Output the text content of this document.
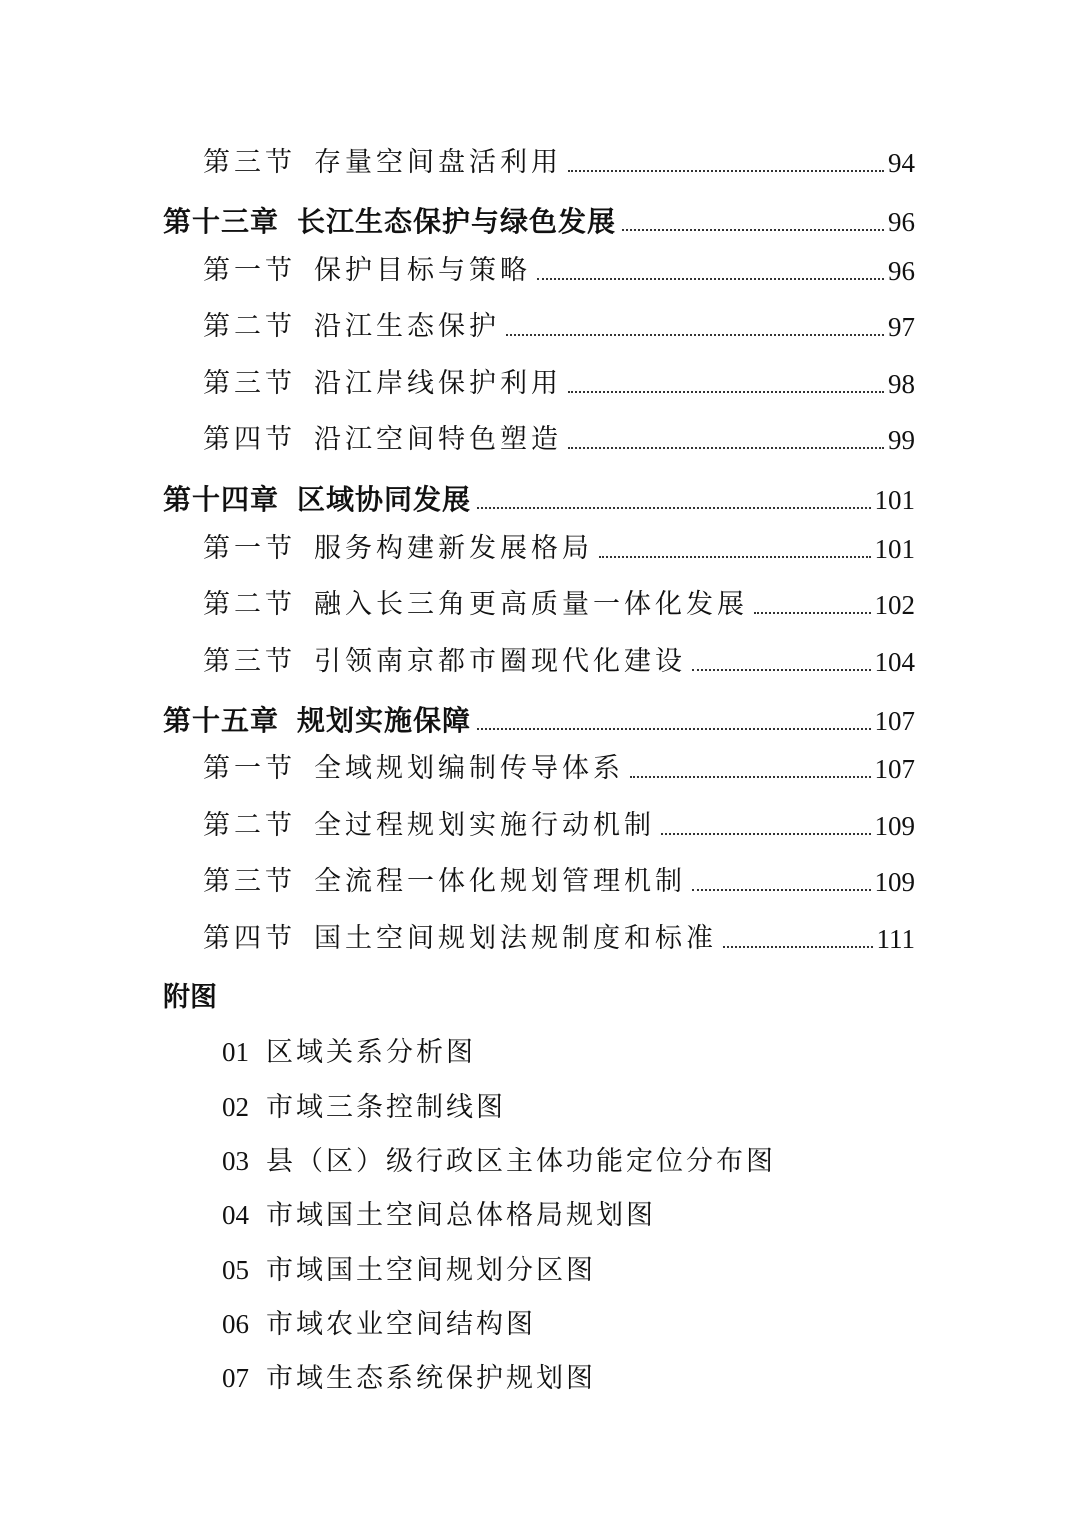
第三节 存量空间盘活利用	94
第十三章 长江生态保护与绿色发展	96
第一节 保护目标与策略	96
第二节 沿江生态保护	97
第三节 沿江岸线保护利用	98
第四节 沿江空间特色塑造	99
第十四章 区域协同发展	101
第一节 服务构建新发展格局	101
第二节 融入长三角更高质量一体化发展	102
第三节 引领南京都市圈现代化建设	104
第十五章 规划实施保障	107
第一节 全域规划编制传导体系	107
第二节 全过程规划实施行动机制	109
第三节 全流程一体化规划管理机制	109
第四节 国土空间规划法规制度和标准	111
附图
01 区域关系分析图
02 市域三条控制线图
03 县（区）级行政区主体功能定位分布图
04 市域国土空间总体格局规划图
05 市域国土空间规划分区图
06 市域农业空间结构图
07 市域生态系统保护规划图
